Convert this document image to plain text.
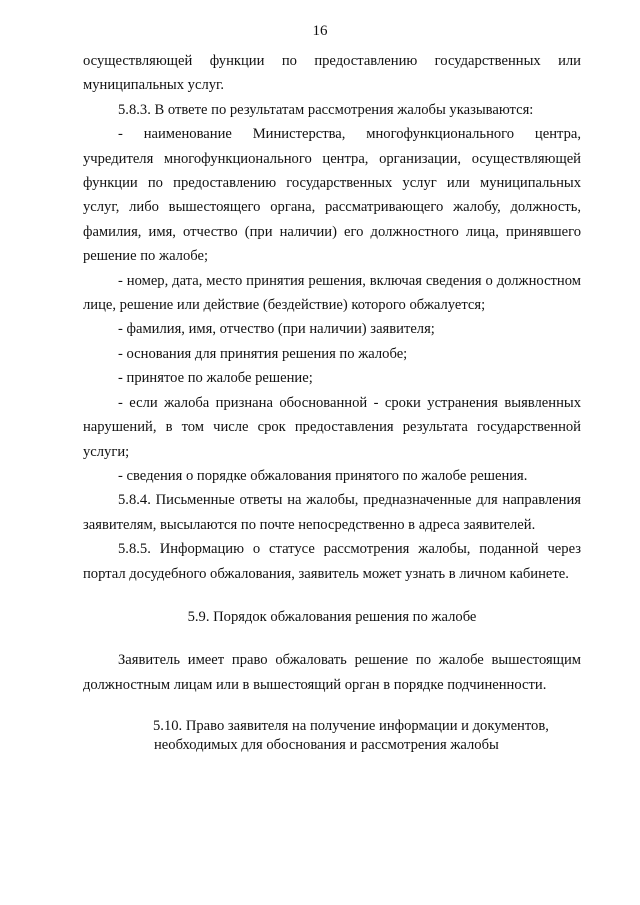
16

осуществляющей функции по предоставлению государственных или муниципальных услуг.

5.8.3. В ответе по результатам рассмотрения жалобы указываются:

- наименование Министерства, многофункционального центра, учредителя многофункционального центра, организации, осуществляющей функции по предоставлению государственных услуг или муниципальных услуг, либо вышестоящего органа, рассматривающего жалобу, должность, фамилия, имя, отчество (при наличии) его должностного лица, принявшего решение по жалобе;

- номер, дата, место принятия решения, включая сведения о должностном лице, решение или действие (бездействие) которого обжалуется;

- фамилия, имя, отчество (при наличии) заявителя;

- основания для принятия решения по жалобе;

- принятое по жалобе решение;

- если жалоба признана обоснованной - сроки устранения выявленных нарушений, в том числе срок предоставления результата государственной услуги;

- сведения о порядке обжалования принятого по жалобе решения.

5.8.4. Письменные ответы на жалобы, предназначенные для направления заявителям, высылаются по почте непосредственно в адреса заявителей.

5.8.5. Информацию о статусе рассмотрения жалобы, поданной через портал досудебного обжалования, заявитель может узнать в личном кабинете.

5.9. Порядок обжалования решения по жалобе

Заявитель имеет право обжаловать решение по жалобе вышестоящим должностным лицам или в вышестоящий орган в порядке подчиненности.

5.10. Право заявителя на получение информации и документов,
необходимых для обоснования и рассмотрения жалобы
